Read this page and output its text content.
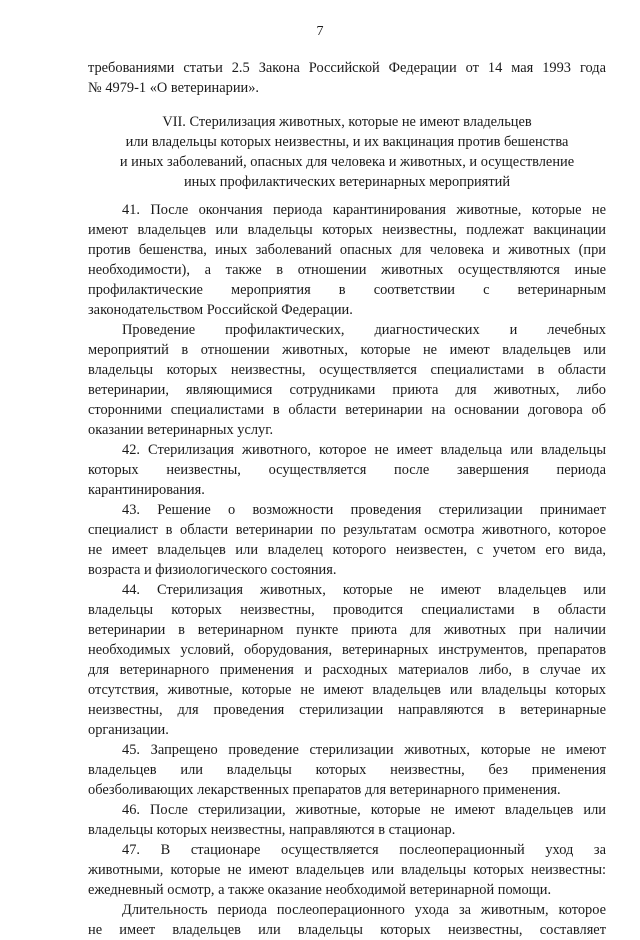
7
требованиями статьи 2.5 Закона Российской Федерации от 14 мая 1993 года
№ 4979-1 «О ветеринарии».
VII. Стерилизация животных, которые не имеют владельцев
или владельцы которых неизвестны, и их вакцинация против бешенства
и иных заболеваний, опасных для человека и животных, и осуществление
иных профилактических ветеринарных мероприятий
41. После окончания периода карантинирования животные, которые не
имеют владельцев или владельцы которых неизвестны, подлежат вакцинации
против бешенства, иных заболеваний опасных для человека и животных (при
необходимости), а также в отношении животных осуществляются иные
профилактические мероприятия в соответствии с ветеринарным
законодательством Российской Федерации.
Проведение профилактических, диагностических и лечебных
мероприятий в отношении животных, которые не имеют владельцев или
владельцы которых неизвестны, осуществляется специалистами в области
ветеринарии, являющимися сотрудниками приюта для животных, либо
сторонними специалистами в области ветеринарии на основании договора об
оказании ветеринарных услуг.
42. Стерилизация животного, которое не имеет владельца или владельцы
которых неизвестны, осуществляется после завершения периода
карантинирования.
43. Решение о возможности проведения стерилизации принимает
специалист в области ветеринарии по результатам осмотра животного, которое
не имеет владельцев или владелец которого неизвестен, с учетом его вида,
возраста и физиологического состояния.
44. Стерилизация животных, которые не имеют владельцев или
владельцы которых неизвестны, проводится специалистами в области
ветеринарии в ветеринарном пункте приюта для животных при наличии
необходимых условий, оборудования, ветеринарных инструментов, препаратов
для ветеринарного применения и расходных материалов либо, в случае их
отсутствия, животные, которые не имеют владельцев или владельцы которых
неизвестны, для проведения стерилизации направляются в ветеринарные
организации.
45. Запрещено проведение стерилизации животных, которые не имеют
владельцев или владельцы которых неизвестны, без применения
обезболивающих лекарственных препаратов для ветеринарного применения.
46. После стерилизации, животные, которые не имеют владельцев или
владельцы которых неизвестны, направляются в стационар.
47. В стационаре осуществляется послеоперационный уход за
животными, которые не имеют владельцев или владельцы которых неизвестны:
ежедневный осмотр, а также оказание необходимой ветеринарной помощи.
Длительность периода послеоперационного ухода за животным, которое
не имеет владельцев или владельцы которых неизвестны, составляет
